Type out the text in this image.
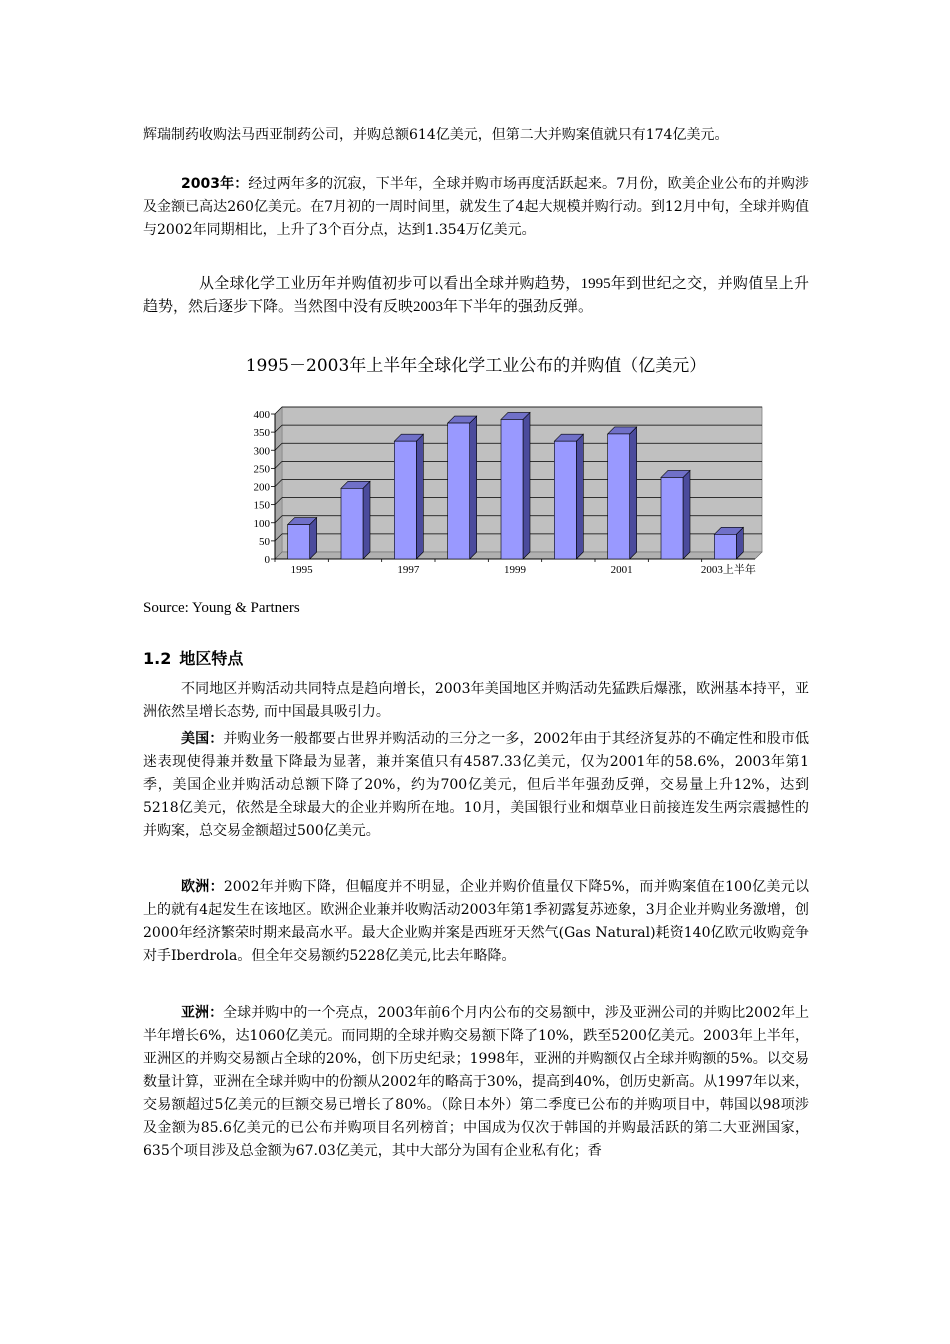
辉瑞制药收购法马西亚制药公司，并购总额614亿美元，但第二大并购案值就只有174亿美元。

2003年：经过两年多的沉寂，下半年，全球并购市场再度活跃起来。7月份，欧美企业公布的并购涉及金额已高达260亿美元。在7月初的一周时间里，就发生了4起大规模并购行动。到12月中旬，全球并购值与2002年同期相比，上升了3个百分点，达到1.354万亿美元。

从全球化学工业历年并购值初步可以看出全球并购趋势，1995年到世纪之交，并购值呈上升趋势，然后逐步下降。当然图中没有反映2003年下半年的强劲反弹。

1995－2003年上半年全球化学工业公布的并购值（亿美元）

0
50
100
150
200
250
300
350
400
1995	1997	1999	2001	2003上半年

Source: Young & Partners

1.2 地区特点

不同地区并购活动共同特点是趋向增长，2003年美国地区并购活动先猛跌后爆涨，欧洲基本持平，亚洲依然呈增长态势, 而中国最具吸引力。

美国：并购业务一般都要占世界并购活动的三分之一多，2002年由于其经济复苏的不确定性和股市低迷表现使得兼并数量下降最为显著，兼并案值只有4587.33亿美元，仅为2001年的58.6%，2003年第1季，美国企业并购活动总额下降了20%，约为700亿美元，但后半年强劲反弹，交易量上升12%，达到5218亿美元，依然是全球最大的企业并购所在地。10月，美国银行业和烟草业日前接连发生两宗震撼性的并购案，总交易金额超过500亿美元。

欧洲：2002年并购下降，但幅度并不明显，企业并购价值量仅下降5%，而并购案值在100亿美元以上的就有4起发生在该地区。欧洲企业兼并收购活动2003年第1季初露复苏迹象，3月企业并购业务激增，创2000年经济繁荣时期来最高水平。最大企业购并案是西班牙天然气(Gas Natural)耗资140亿欧元收购竞争对手Iberdrola。但全年交易额约5228亿美元,比去年略降。

亚洲：全球并购中的一个亮点，2003年前6个月内公布的交易额中，涉及亚洲公司的并购比2002年上半年增长6%，达1060亿美元。而同期的全球并购交易额下降了10%，跌至5200亿美元。2003年上半年，亚洲区的并购交易额占全球的20%，创下历史纪录；1998年，亚洲的并购额仅占全球并购额的5%。以交易数量计算，亚洲在全球并购中的份额从2002年的略高于30%，提高到40%，创历史新高。从1997年以来，交易额超过5亿美元的巨额交易已增长了80%。（除日本外）第二季度已公布的并购项目中，韩国以98项涉及金额为85.6亿美元的已公布并购项目名列榜首；中国成为仅次于韩国的并购最活跃的第二大亚洲国家，635个项目涉及总金额为67.03亿美元，其中大部分为国有企业私有化；香
